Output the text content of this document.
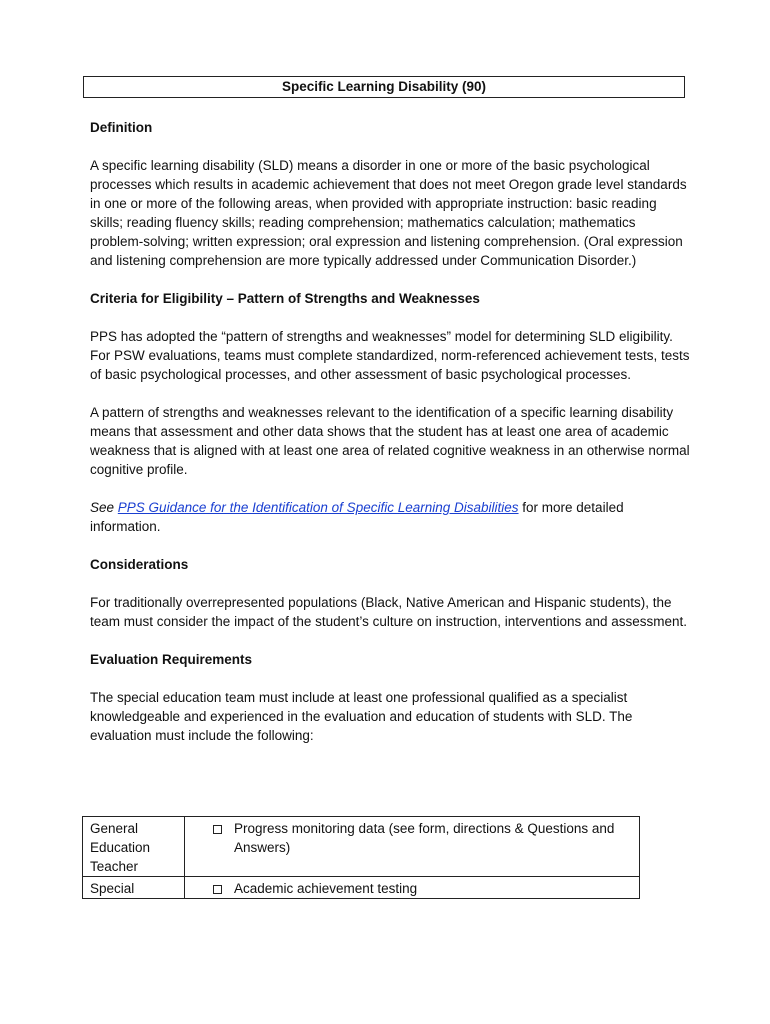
Specific Learning Disability (90)

Definition

A specific learning disability (SLD) means a disorder in one or more of the basic psychological processes which results in academic achievement that does not meet Oregon grade level standards in one or more of the following areas, when provided with appropriate instruction: basic reading skills; reading fluency skills; reading comprehension; mathematics calculation; mathematics problem-solving; written expression; oral expression and listening comprehension. (Oral expression and listening comprehension are more typically addressed under Communication Disorder.)

Criteria for Eligibility – Pattern of Strengths and Weaknesses

PPS has adopted the “pattern of strengths and weaknesses” model for determining SLD eligibility. For PSW evaluations, teams must complete standardized, norm-referenced achievement tests, tests of basic psychological processes, and other assessment of basic psychological processes.

A pattern of strengths and weaknesses relevant to the identification of a specific learning disability means that assessment and other data shows that the student has at least one area of academic weakness that is aligned with at least one area of related cognitive weakness in an otherwise normal cognitive profile.

See PPS Guidance for the Identification of Specific Learning Disabilities for more detailed information.

Considerations

For traditionally overrepresented populations (Black, Native American and Hispanic students), the team must consider the impact of the student’s culture on instruction, interventions and assessment.

Evaluation Requirements

The special education team must include at least one professional qualified as a specialist knowledgeable and experienced in the evaluation and education of students with SLD. The evaluation must include the following:

General Education Teacher	Progress monitoring data (see form, directions & Questions and Answers)

Special	Academic achievement testing
